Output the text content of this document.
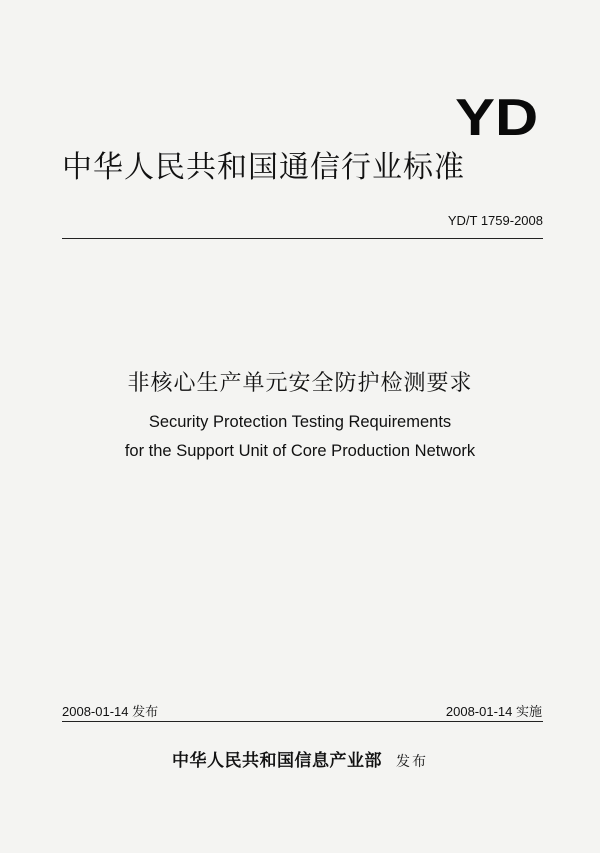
YD
中华人民共和国通信行业标准
YD/T 1759-2008
非核心生产单元安全防护检测要求
Security Protection Testing Requirements
for the Support Unit of Core Production Network
2008-01-14 发布	2008-01-14 实施
中华人民共和国信息产业部 发布
